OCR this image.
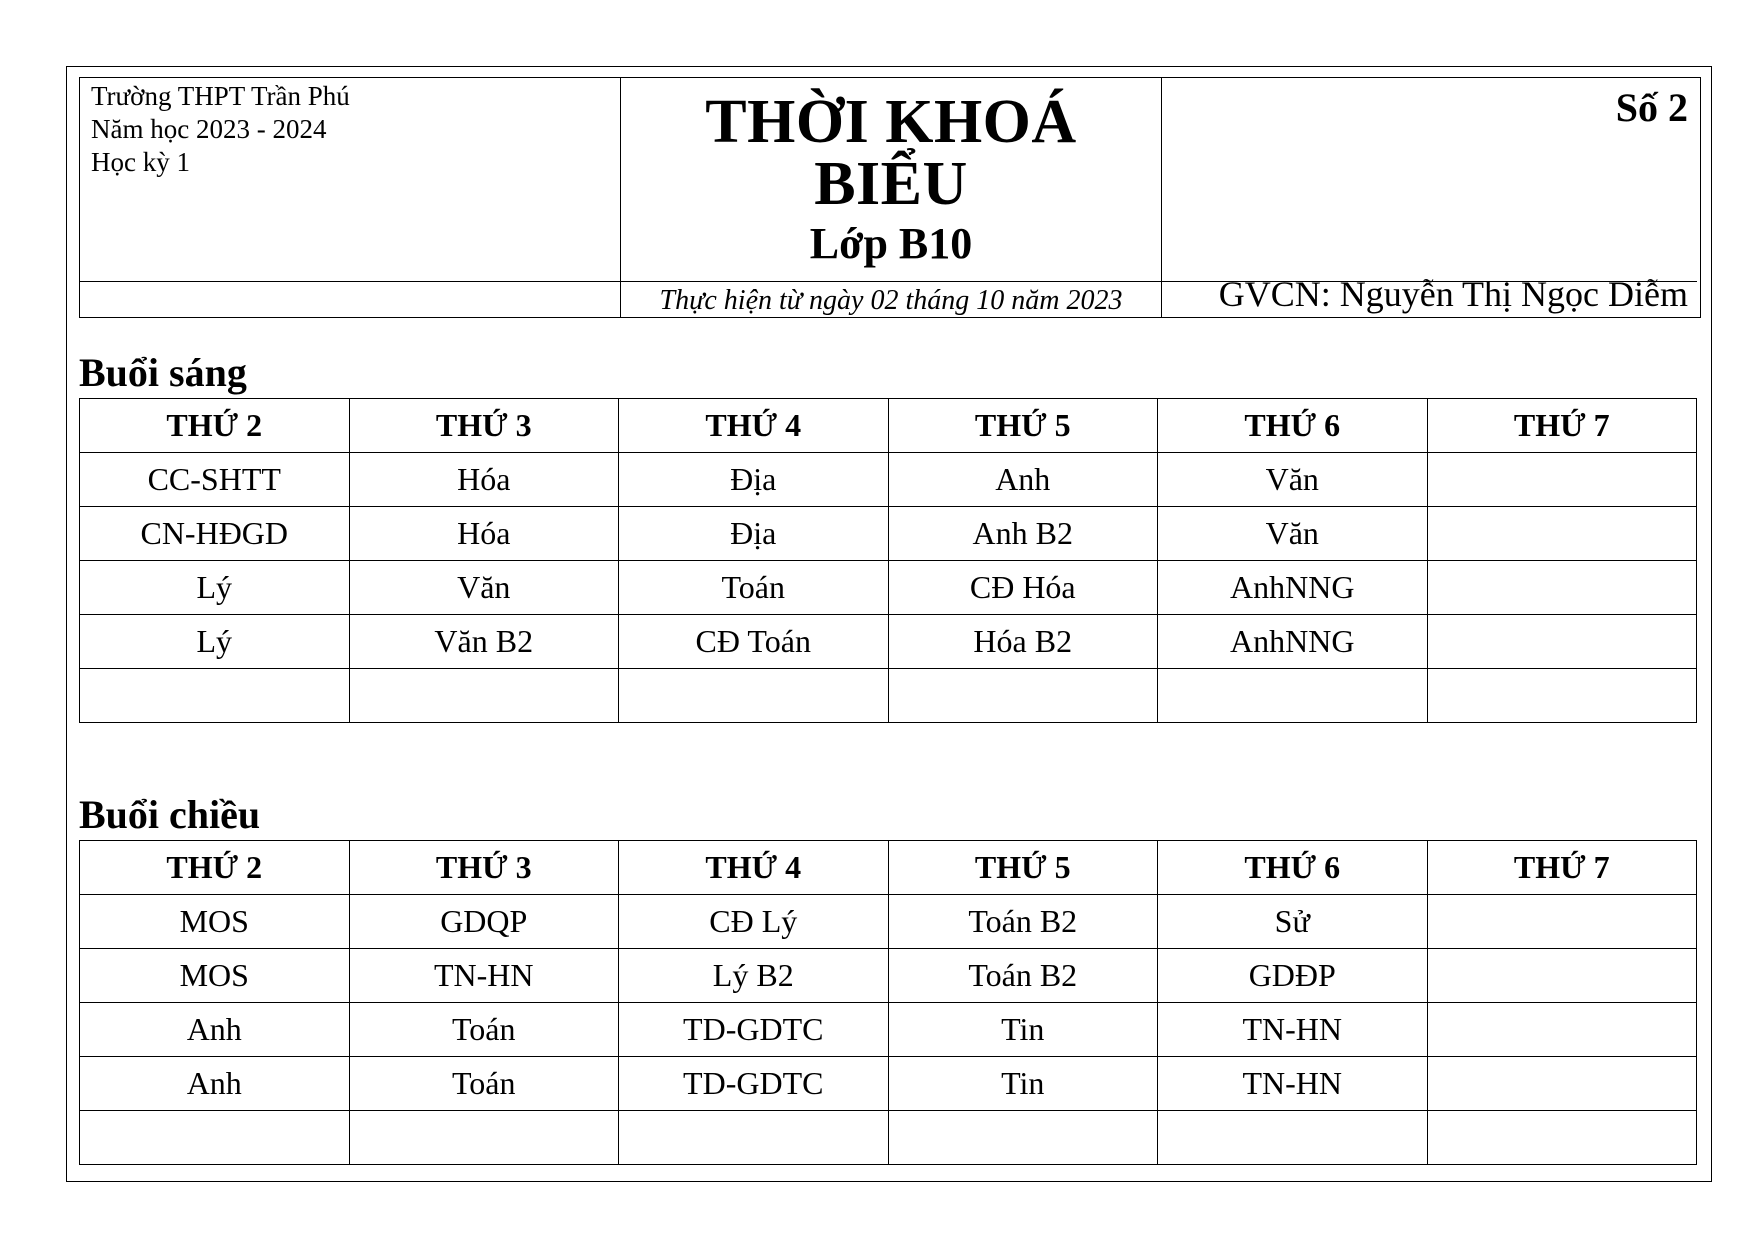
Trường THPT Trần Phú
Năm học 2023 - 2024
Học kỳ 1

THỜI KHOÁ BIỂU
Lớp B10
Thực hiện từ ngày 02 tháng 10 năm 2023

Số 2
GVCN: Nguyễn Thị Ngọc Diễm
Buổi sáng
THỨ 2	THỨ 3	THỨ 4	THỨ 5	THỨ 6	THỨ 7
CC-SHTT	Hóa	Địa	Anh	Văn	
CN-HĐGD	Hóa	Địa	Anh B2	Văn	
Lý	Văn	Toán	CĐ Hóa	AnhNNG	
Lý	Văn B2	CĐ Toán	Hóa B2	AnhNNG	

Buổi chiều
THỨ 2	THỨ 3	THỨ 4	THỨ 5	THỨ 6	THỨ 7
MOS	GDQP	CĐ Lý	Toán B2	Sử	
MOS	TN-HN	Lý B2	Toán B2	GDĐP	
Anh	Toán	TD-GDTC	Tin	TN-HN	
Anh	Toán	TD-GDTC	Tin	TN-HN	
